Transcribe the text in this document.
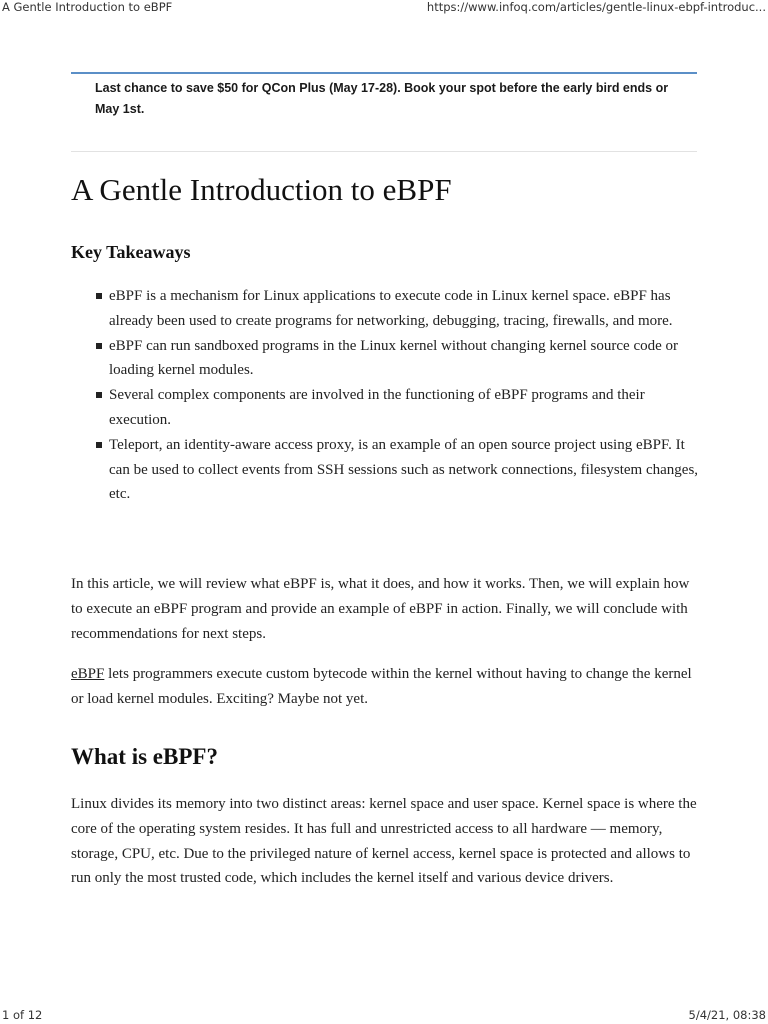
A Gentle Introduction to eBPF	https://www.infoq.com/articles/gentle-linux-ebpf-introduc...
Last chance to save $50 for QCon Plus (May 17-28). Book your spot before the early bird ends or May 1st.
A Gentle Introduction to eBPF
Key Takeaways
eBPF is a mechanism for Linux applications to execute code in Linux kernel space. eBPF has already been used to create programs for networking, debugging, tracing, firewalls, and more.
eBPF can run sandboxed programs in the Linux kernel without changing kernel source code or loading kernel modules.
Several complex components are involved in the functioning of eBPF programs and their execution.
Teleport, an identity-aware access proxy, is an example of an open source project using eBPF. It can be used to collect events from SSH sessions such as network connections, filesystem changes, etc.

In this article, we will review what eBPF is, what it does, and how it works. Then, we will explain how to execute an eBPF program and provide an example of eBPF in action. Finally, we will conclude with recommendations for next steps.

eBPF lets programmers execute custom bytecode within the kernel without having to change the kernel or load kernel modules. Exciting? Maybe not yet.

What is eBPF?

Linux divides its memory into two distinct areas: kernel space and user space. Kernel space is where the core of the operating system resides. It has full and unrestricted access to all hardware — memory, storage, CPU, etc. Due to the privileged nature of kernel access, kernel space is protected and allows to run only the most trusted code, which includes the kernel itself and various device drivers.

1 of 12	5/4/21, 08:38
